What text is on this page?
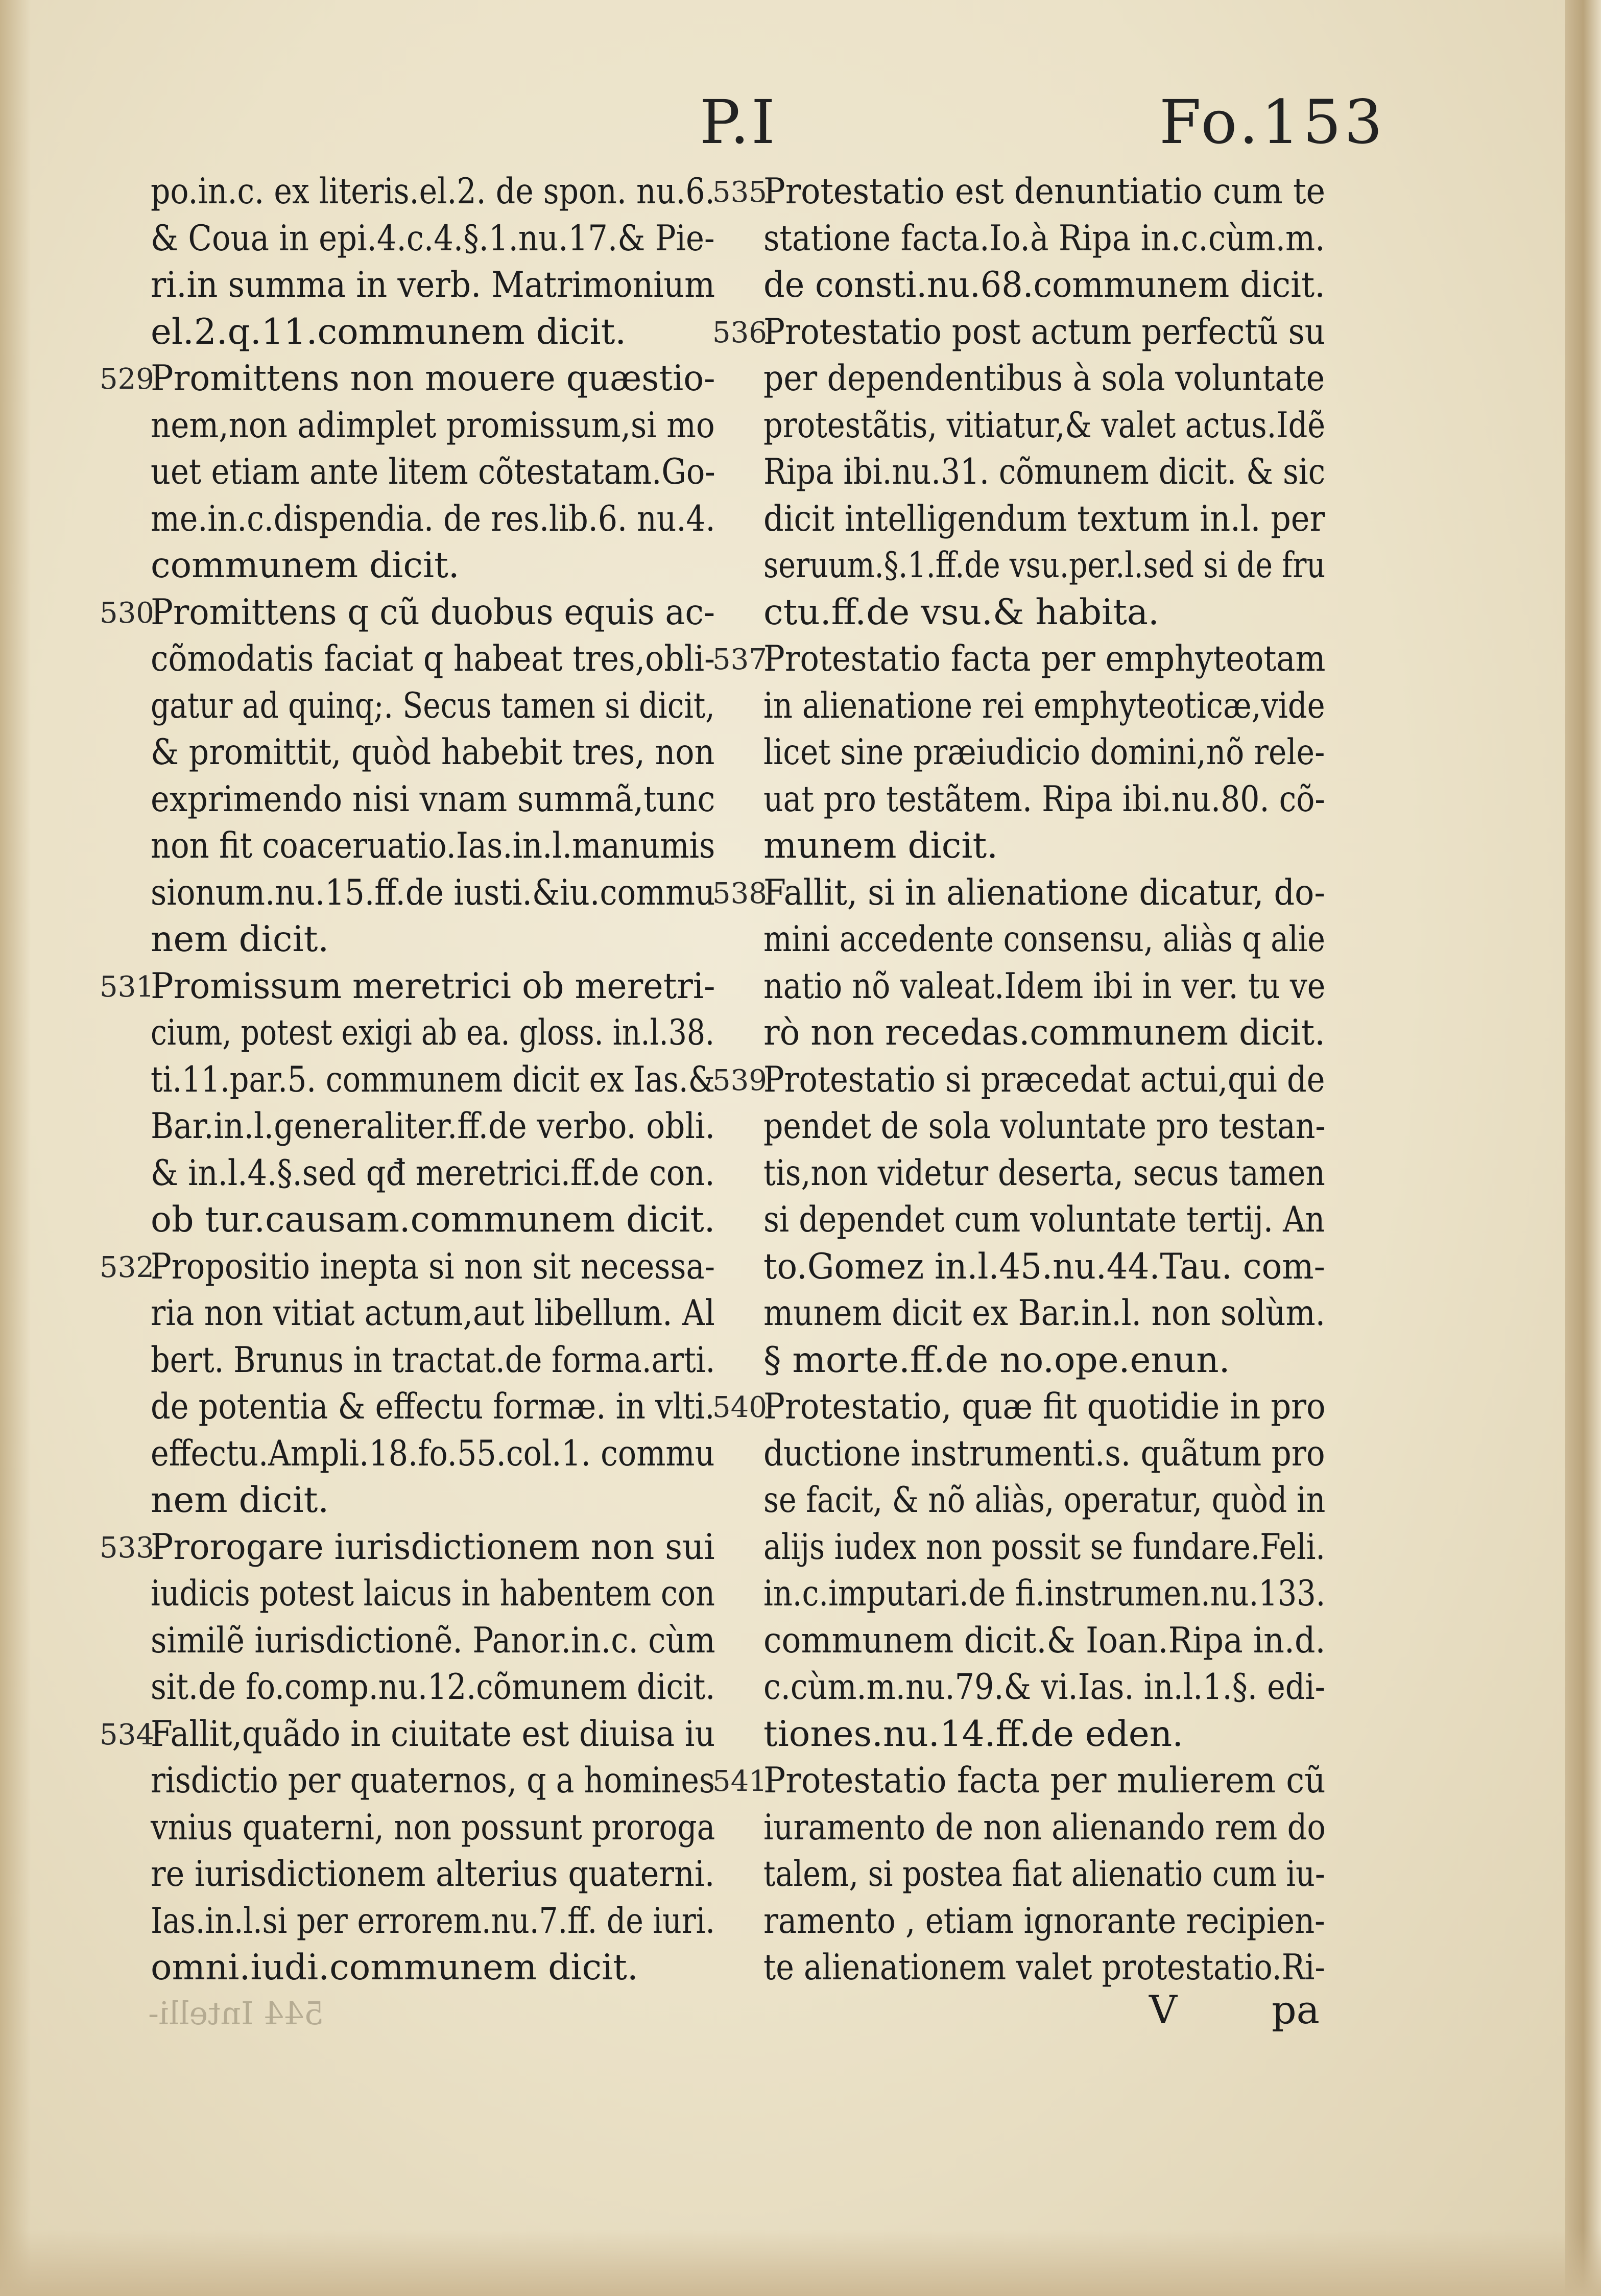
P.I	Fo.153
po.in.c. ex literis.el.2. de spon. nu.6.
& Coua in epi.4.c.4.§.1.nu.17.& Pie-
ri.in summa in verb. Matrimonium
el.2.q.11.communem dicit.
529
Promittens non mouere quæstio-
nem,non adimplet promissum,si mo
uet etiam ante litem cõtestatam.Go-
me.in.c.dispendia. de res.lib.6. nu.4.
communem dicit.
530
Promittens q cũ duobus equis ac-
cõmodatis faciat q habeat tres,obli-
gatur ad quinq;. Secus tamen si dicit,
& promittit, quòd habebit tres, non
exprimendo nisi vnam summã,tunc
non fit coaceruatio.Ias.in.l.manumis
sionum.nu.15.ff.de iusti.&iu.commu
nem dicit.
531
Promissum meretrici ob meretri-
cium, potest exigi ab ea. gloss. in.l.38.
ti.11.par.5. communem dicit ex Ias.&
Bar.in.l.generaliter.ff.de verbo. obli.
& in.l.4.§.sed qđ meretrici.ff.de con.
ob tur.causam.communem dicit.
532
Propositio inepta si non sit necessa-
ria non vitiat actum,aut libellum. Al
bert. Brunus in tractat.de forma.arti.
de potentia & effectu formæ. in vlti.
effectu.Ampli.18.fo.55.col.1. commu
nem dicit.
533
Prorogare iurisdictionem non sui
iudicis potest laicus in habentem con
similẽ iurisdictionẽ. Panor.in.c. cùm
sit.de fo.comp.nu.12.cõmunem dicit.
534
Fallit,quãdo in ciuitate est diuisa iu
risdictio per quaternos, q a homines
vnius quaterni, non possunt proroga
re iurisdictionem alterius quaterni.
Ias.in.l.si per errorem.nu.7.ff. de iuri.
omni.iudi.communem dicit.
535
Protestatio est denuntiatio cum te
statione facta.Io.à Ripa in.c.cùm.m.
de consti.nu.68.communem dicit.
536
Protestatio post actum perfectũ su
per dependentibus à sola voluntate
protestãtis, vitiatur,& valet actus.Idẽ
Ripa ibi.nu.31. cõmunem dicit. & sic
dicit intelligendum textum in.l. per
seruum.§.1.ff.de vsu.per.l.sed si de fru
ctu.ff.de vsu.& habita.
537
Protestatio facta per emphyteotam
in alienatione rei emphyteoticæ,vide
licet sine præiudicio domini,nõ rele-
uat pro testãtem. Ripa ibi.nu.80. cõ-
munem dicit.
538
Fallit, si in alienatione dicatur, do-
mini accedente consensu, aliàs q alie
natio nõ valeat.Idem ibi in ver. tu ve
rò non recedas.communem dicit.
539
Protestatio si præcedat actui,qui de
pendet de sola voluntate pro testan-
tis,non videtur deserta, secus tamen
si dependet cum voluntate tertij. An
to.Gomez in.l.45.nu.44.Tau. com-
munem dicit ex Bar.in.l. non solùm.
§ morte.ff.de no.ope.enun.
540
Protestatio, quæ fit quotidie in pro
ductione instrumenti.s. quãtum pro
se facit, & nõ aliàs, operatur, quòd in
alijs iudex non possit se fundare.Feli.
in.c.imputari.de fi.instrumen.nu.133.
communem dicit.& Ioan.Ripa in.d.
c.cùm.m.nu.79.& vi.Ias. in.l.1.§. edi-
tiones.nu.14.ff.de eden.
541
Protestatio facta per mulierem cũ
iuramento de non alienando rem do
talem, si postea fiat alienatio cum iu-
ramento , etiam ignorante recipien-
te alienationem valet protestatio.Ri-
544 Intelli-	V pa
